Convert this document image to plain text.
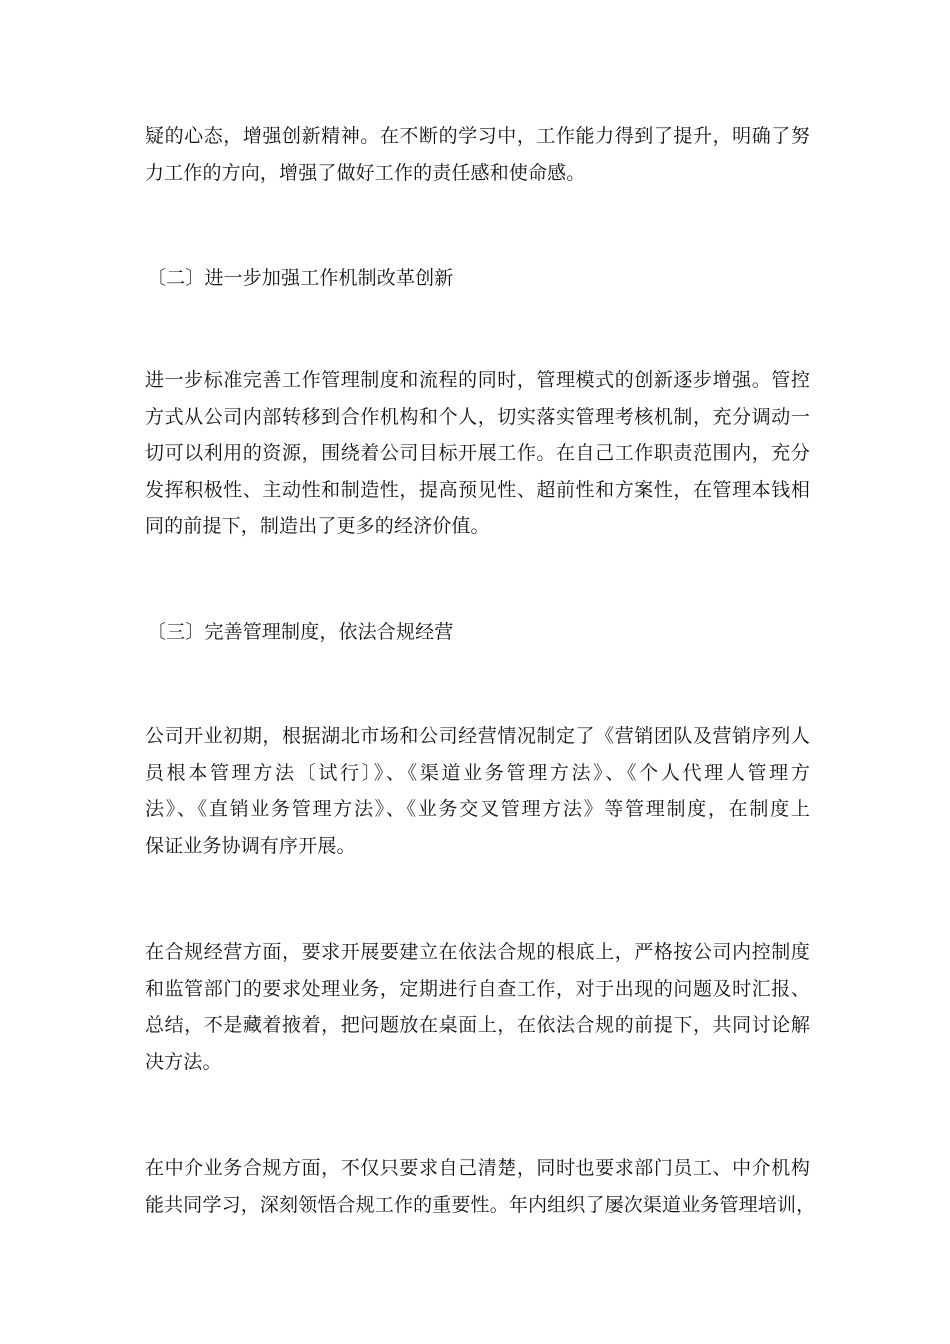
疑的心态，增强创新精神。在不断的学习中，工作能力得到了提升，明确了努
力工作的方向，增强了做好工作的责任感和使命感。

〔二〕进一步加强工作机制改革创新

进一步标准完善工作管理制度和流程的同时，管理模式的创新逐步增强。管控
方式从公司内部转移到合作机构和个人，切实落实管理考核机制，充分调动一
切可以利用的资源，围绕着公司目标开展工作。在自己工作职责范围内，充分
发挥积极性、主动性和制造性，提高预见性、超前性和方案性，在管理本钱相
同的前提下，制造出了更多的经济价值。

〔三〕完善管理制度，依法合规经营

公司开业初期，根据湖北市场和公司经营情况制定了《营销团队及营销序列人
员根本管理方法〔试行〕》、《渠道业务管理方法》、《个人代理人管理方
法》、《直销业务管理方法》、《业务交叉管理方法》等管理制度，在制度上
保证业务协调有序开展。

在合规经营方面，要求开展要建立在依法合规的根底上，严格按公司内控制度
和监管部门的要求处理业务，定期进行自查工作，对于出现的问题及时汇报、
总结，不是藏着掖着，把问题放在桌面上，在依法合规的前提下，共同讨论解
决方法。

在中介业务合规方面，不仅只要求自己清楚，同时也要求部门员工、中介机构
能共同学习，深刻领悟合规工作的重要性。年内组织了屡次渠道业务管理培训，
